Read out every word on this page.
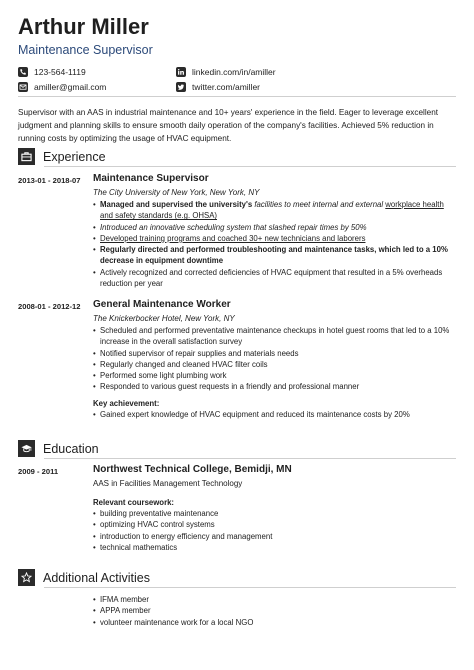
Arthur Miller
Maintenance Supervisor
123-564-1119	linkedin.com/in/amiller
amiller@gmail.com	twitter.com/amiller

Supervisor with an AAS in industrial maintenance and 10+ years' experience in the field. Eager to leverage excellent judgment and planning skills to ensure smooth daily operation of the company's facilities. Achieved 5% reduction in running costs by optimizing the usage of HVAC equipment.

Experience
2013-01 - 2018-07 Maintenance Supervisor

The City University of New York, New York, NY

• Managed and supervised the university's facilities to meet internal and external workplace health and safety standards (e.g. OHSA)
• Introduced an innovative scheduling system that slashed repair times by 50%
• Developed training programs and coached 30+ new technicians and laborers
• Regularly directed and performed troubleshooting and maintenance tasks, which led to a 10% decrease in equipment downtime
• Actively recognized and corrected deficiencies of HVAC equipment that resulted in a 5% overheads reduction per year
2008-01 - 2012-12 General Maintenance Worker

The Knickerbocker Hotel, New York, NY

• Scheduled and performed preventative maintenance checkups in hotel guest rooms that led to a 10% increase in the overall satisfaction survey
• Notified supervisor of repair supplies and materials needs
• Regularly changed and cleaned HVAC filter coils
• Performed some light plumbing work
• Responded to various guest requests in a friendly and professional manner

Key achievement:

• Gained expert knowledge of HVAC equipment and reduced its maintenance costs by 20%
Education
2009 - 2011	Northwest Technical College, Bemidji, MN

AAS in Facilities Management Technology

Relevant coursework:

• building preventative maintenance
• optimizing HVAC control systems
• introduction to energy efficiency and management
• technical mathematics
Additional Activities
• IFMA member
• APPA member
• volunteer maintenance work for a local NGO
